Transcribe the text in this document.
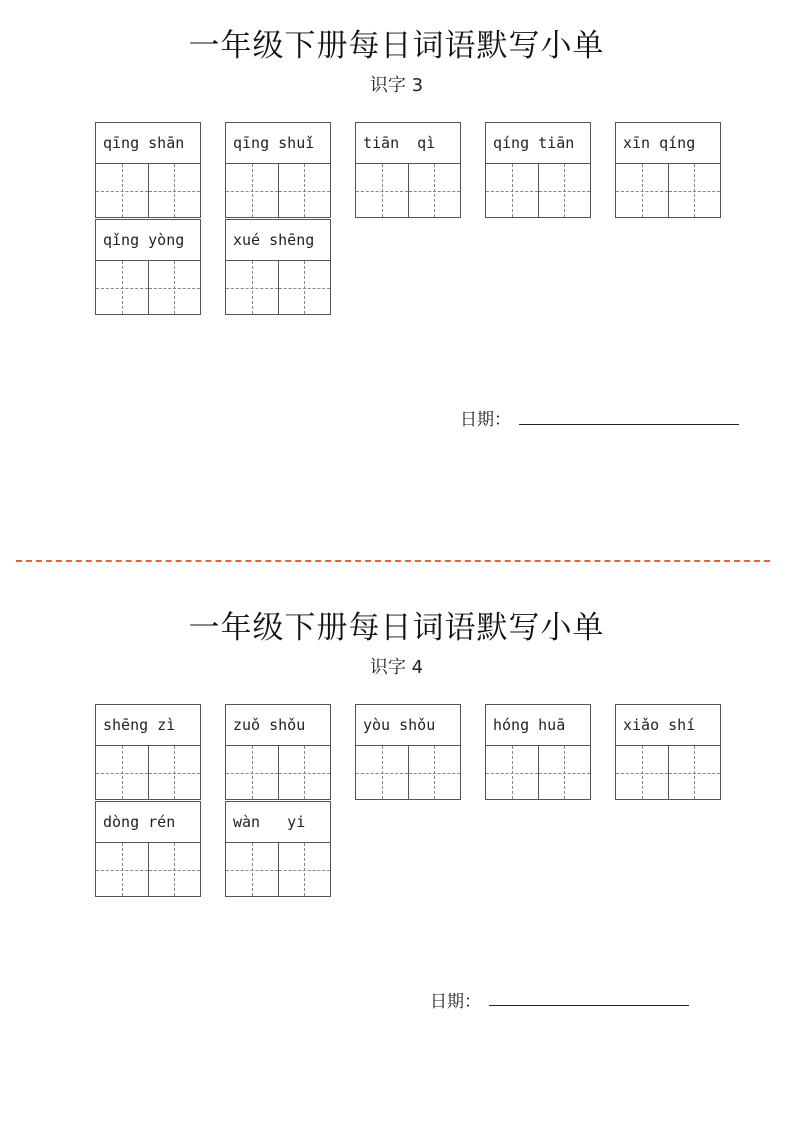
一年级下册每日词语默写小单
识字 3
qīng shān	qīng shuǐ	tiān  qì	qíng tiān	xīn qíng
qǐng yòng	xué shēng
日期：
一年级下册每日词语默写小单
识字 4
shēng zì	zuǒ shǒu	yòu shǒu	hóng huā	xiǎo shí
dòng rén	wàn   yi
日期：
